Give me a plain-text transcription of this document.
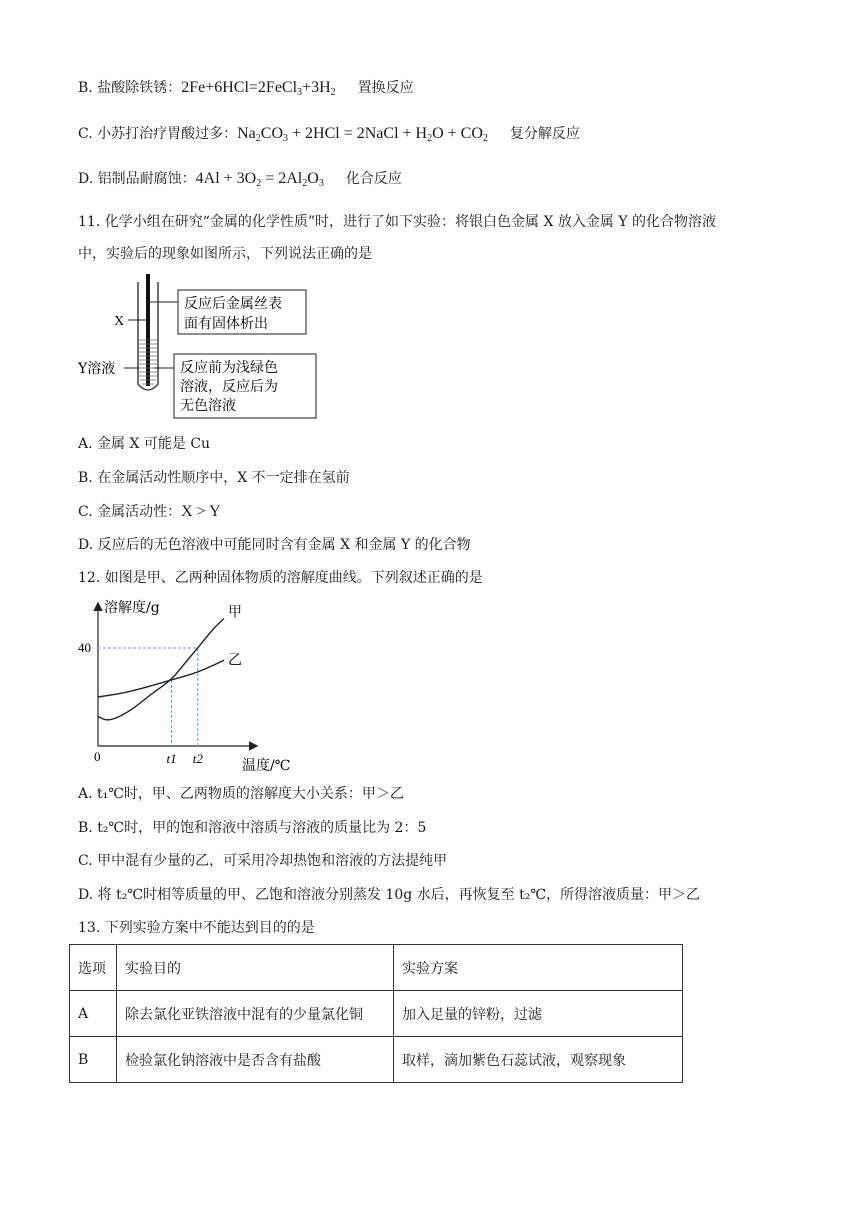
B. 盐酸除铁锈：$2Fe+6HCl=2FeCl_3+3H_2$ 置换反应
C. 小苏打治疗胃酸过多：$Na_2CO_3 + 2HCl$ = 2NaCl + $H_2O + CO_2$ 复分解反应
D. 铝制品耐腐蚀：$4Al + 3O_2 = 2Al_2O_3$ 化合反应
11. 化学小组在研究“金属的化学性质”时，进行了如下实验：将银白色金属 X 放入金属 Y 的化合物溶液
中，实验后的现象如图所示，下列说法正确的是
X
Y溶液
反应后金属丝表
面有固体析出
反应前为浅绿色
溶液，反应后为
无色溶液
A. 金属 X 可能是 Cu
B. 在金属活动性顺序中，X 不一定排在氢前
C. 金属活动性：X > Y
D. 反应后的无色溶液中可能同时含有金属 X 和金属 Y 的化合物
12. 如图是甲、乙两种固体物质的溶解度曲线。下列叙述正确的是
溶解度/g
温度/℃
0
40
t1 t2
甲
乙
A. t₁℃时，甲、乙两物质的溶解度大小关系：甲＞乙
B. t₂℃时，甲的饱和溶液中溶质与溶液的质量比为 2：5
C. 甲中混有少量的乙，可采用冷却热饱和溶液的方法提纯甲
D. 将 t₂℃时相等质量的甲、乙饱和溶液分别蒸发 10g 水后，再恢复至 t₂℃，所得溶液质量：甲＞乙
13. 下列实验方案中不能达到目的的是
选项	实验目的	实验方案
A	除去氯化亚铁溶液中混有的少量氯化铜	加入足量的锌粉，过滤
B	检验氯化钠溶液中是否含有盐酸	取样，滴加紫色石蕊试液，观察现象
